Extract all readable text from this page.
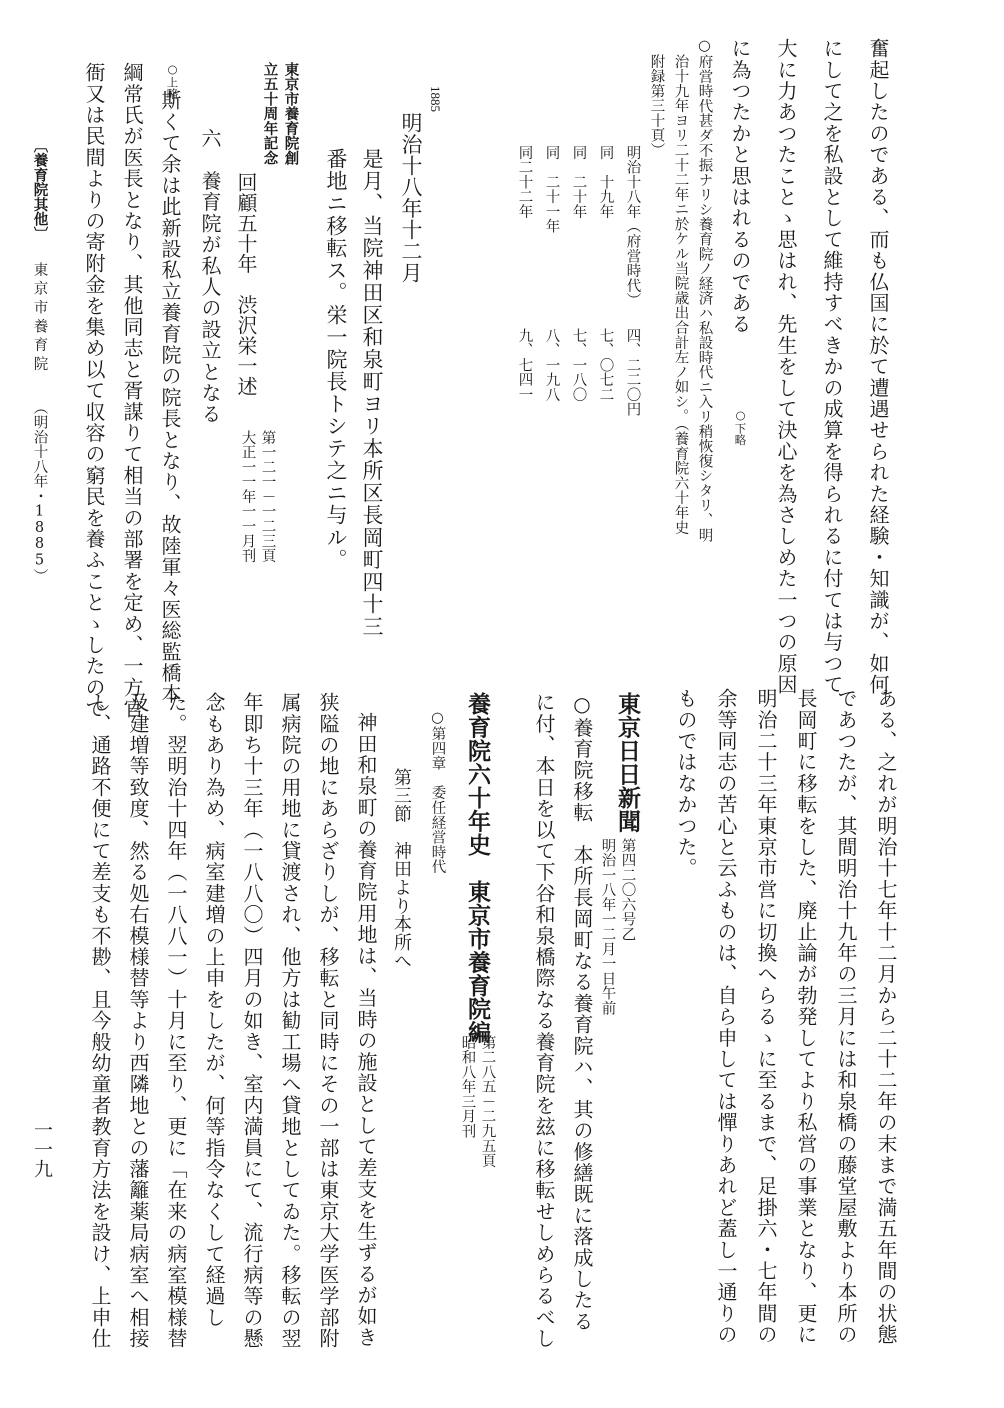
奮起したのである、而も仏国に於て遭遇せられた経験・知識が、如何
にして之を私設として維持すべきかの成算を得られるに付ては与つて
大に力あつたことゝ思はれ、先生をして決心を為さしめた一つの原因
に為つたかと思はれるのである
○下略
○府営時代甚ダ不振ナリシ養育院ノ経済ハ私設時代ニ入リ稍恢復シタリ、明
治十九年ヨリ二十二年ニ於ケル当院歳出合計左ノ如シ。（養育院六十年史
附録第三十頁）
明治十八年（府営時代）
四、二二〇円
同　十九年
七、〇七二
同　二十年
七、一八〇
同　二十一年
八、一九八
同二十二年
九、七四一
1885
明治十八年十二月
是月、当院神田区和泉町ヨリ本所区長岡町四十三
番地ニ移転ス。栄一院長トシテ之ニ与ル。
東京市養育院創
立五十周年記念
回顧五十年　渋沢栄一述
第一二一－一二三頁
大正一一年一一月刊
六　養育院が私人の設立となる
○上略
斯くて余は此新設私立養育院の院長となり、故陸軍々医総監橋本
綱常氏が医長となり、其他同志と胥謀りて相当の部署を定め、一方官
衙又は民間よりの寄附金を集め以て収容の窮民を養ふことゝしたので
ある、之れが明治十七年十二月から二十二年の末まで満五年間の状態
であつたが、其間明治十九年の三月には和泉橋の藤堂屋敷より本所の
長岡町に移転をした、廃止論が勃発してより私営の事業となり、更に
明治二十三年東京市営に切換へらるゝに至るまで、足掛六・七年間の
余等同志の苦心と云ふものは、自ら申しては憚りあれど蓋し一通りの
ものではなかつた。
東京日日新聞
第四二〇六号乙
明治一八年一二月一日午前
○養育院移転　本所長岡町なる養育院ハ、其の修繕既に落成したる
に付、本日を以て下谷和泉橋際なる養育院を玆に移転せしめらるべし
養育院六十年史　東京市養育院編
第二八五－二九五頁
昭和八年三月刊
○第四章　委任経営時代
第三節　神田より本所へ
神田和泉町の養育院用地は、当時の施設として差支を生ずるが如き
狭隘の地にあらざりしが、移転と同時にその一部は東京大学医学部附
属病院の用地に貸渡され、他方は勧工場へ貸地としてゐた。移転の翌
年即ち十三年（一八八〇）四月の如き、室内満員にて、流行病等の懸
念もあり為め、病室建増の上申をしたが、何等指令なくして経過し
た。翌明治十四年（一八八一）十月に至り、更に「在来の病室模様替
及建増等致度、然る処右模様替等より西隣地との藩籬薬局病室へ相接
し、通路不便にて差支も不尠、且今般幼童者教育方法を設け、上申仕
〔養育院其他〕
東京市養育院
（明治十八年・1885）
一一九
